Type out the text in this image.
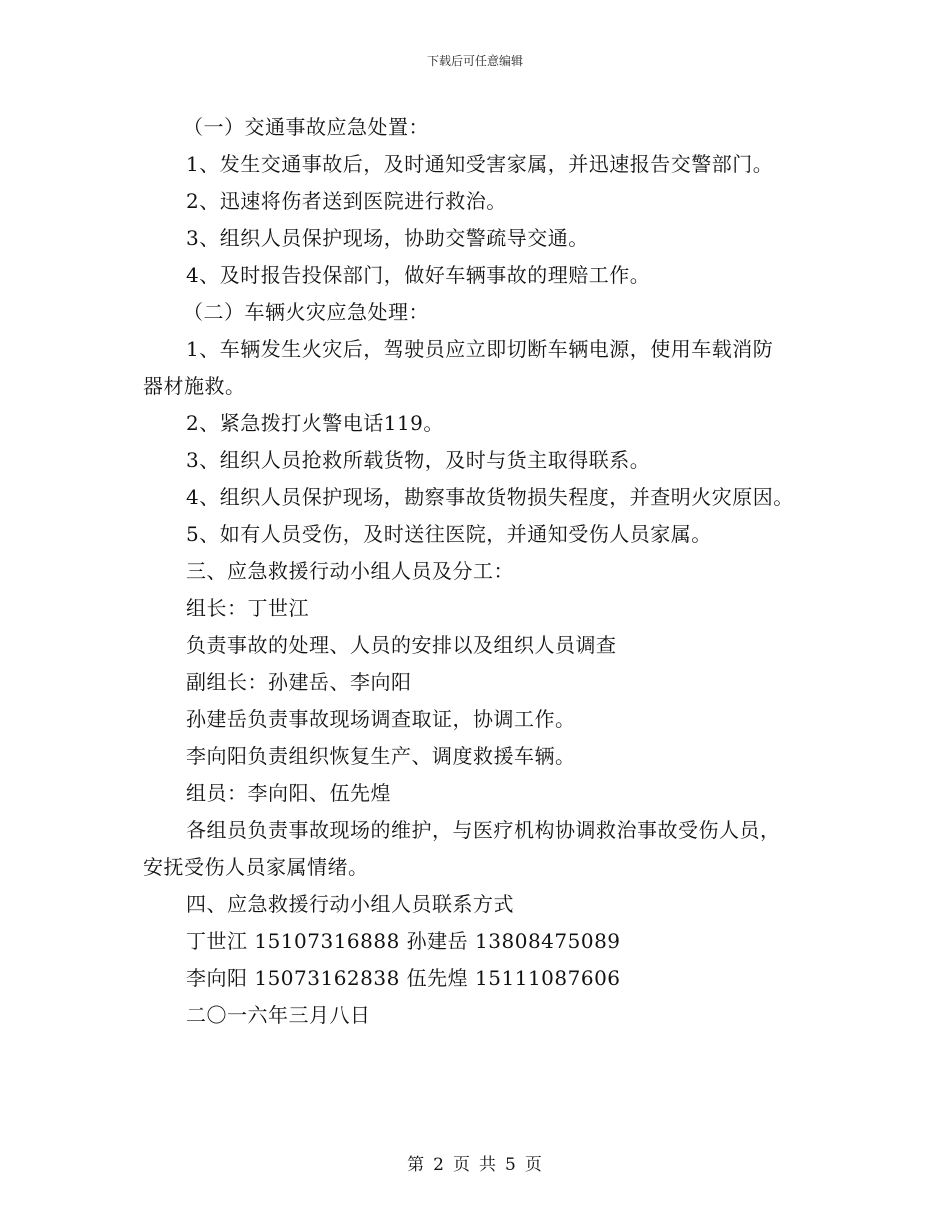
下载后可任意编辑
（一）交通事故应急处置：
1、发生交通事故后，及时通知受害家属，并迅速报告交警部门。
2、迅速将伤者送到医院进行救治。
3、组织人员保护现场，协助交警疏导交通。
4、及时报告投保部门，做好车辆事故的理赔工作。
（二）车辆火灾应急处理：
1、车辆发生火灾后，驾驶员应立即切断车辆电源，使用车载消防
器材施救。
2、紧急拨打火警电话119。
3、组织人员抢救所载货物，及时与货主取得联系。
4、组织人员保护现场，勘察事故货物损失程度，并查明火灾原因。
5、如有人员受伤，及时送往医院，并通知受伤人员家属。
三、应急救援行动小组人员及分工：
组长：丁世江
负责事故的处理、人员的安排以及组织人员调查
副组长：孙建岳、李向阳
孙建岳负责事故现场调查取证，协调工作。
李向阳负责组织恢复生产、调度救援车辆。
组员：李向阳、伍先煌
各组员负责事故现场的维护，与医疗机构协调救治事故受伤人员，
安抚受伤人员家属情绪。
四、应急救援行动小组人员联系方式
丁世江 15107316888 孙建岳 13808475089
李向阳 15073162838 伍先煌 15111087606
二〇一六年三月八日
第 2 页 共 5 页
